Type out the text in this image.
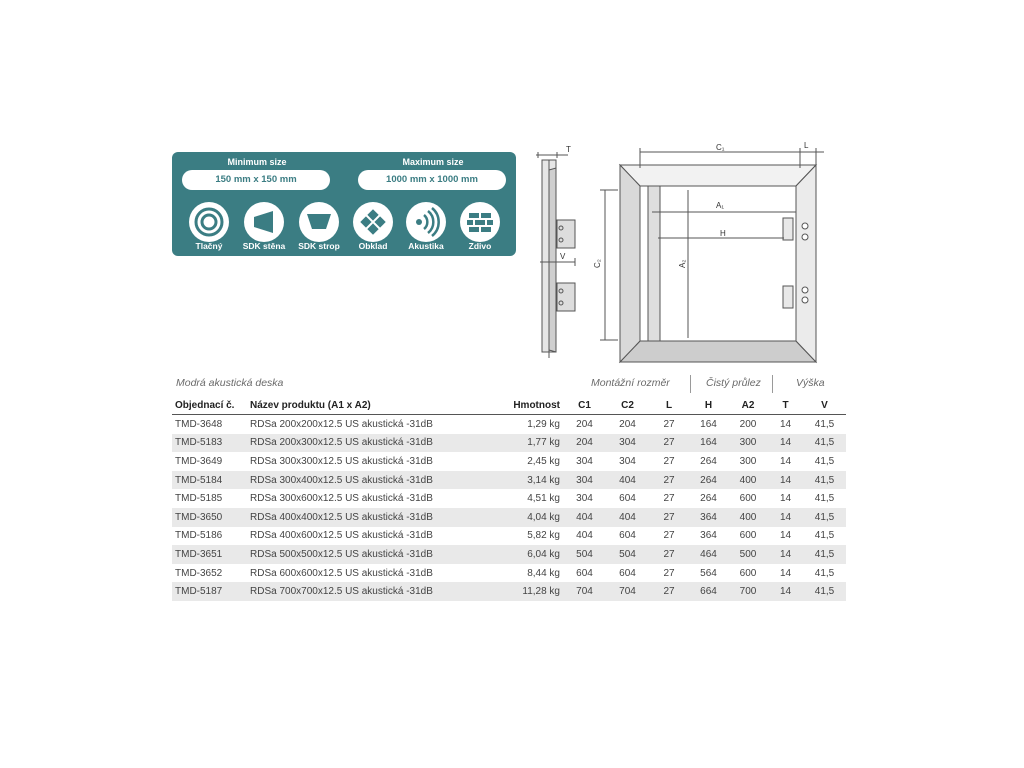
Minimum size
150 mm x 150 mm
Maximum size
1000 mm x 1000 mm
Tlačný	SDK stěna	SDK strop	Obklad	Akustika	Zdivo
T
V
C₁	L
A₁
H
C₂	A₂
Modrá akustická deska	Montážní rozměr	Čistý průlez	Výška
Objednací č.	Název produktu (A1 x A2)	Hmotnost	C1	C2	L	H	A2	T	V
TMD-3648	RDSa 200x200x12.5 US akustická -31dB	1,29 kg	204	204	27	164	200	14	41,5
TMD-5183	RDSa 200x300x12.5 US akustická -31dB	1,77 kg	204	304	27	164	300	14	41,5
TMD-3649	RDSa 300x300x12.5 US akustická -31dB	2,45 kg	304	304	27	264	300	14	41,5
TMD-5184	RDSa 300x400x12.5 US akustická -31dB	3,14 kg	304	404	27	264	400	14	41,5
TMD-5185	RDSa 300x600x12.5 US akustická -31dB	4,51 kg	304	604	27	264	600	14	41,5
TMD-3650	RDSa 400x400x12.5 US akustická -31dB	4,04 kg	404	404	27	364	400	14	41,5
TMD-5186	RDSa 400x600x12.5 US akustická -31dB	5,82 kg	404	604	27	364	600	14	41,5
TMD-3651	RDSa 500x500x12.5 US akustická -31dB	6,04 kg	504	504	27	464	500	14	41,5
TMD-3652	RDSa 600x600x12.5 US akustická -31dB	8,44 kg	604	604	27	564	600	14	41,5
TMD-5187	RDSa 700x700x12.5 US akustická -31dB	11,28 kg	704	704	27	664	700	14	41,5
